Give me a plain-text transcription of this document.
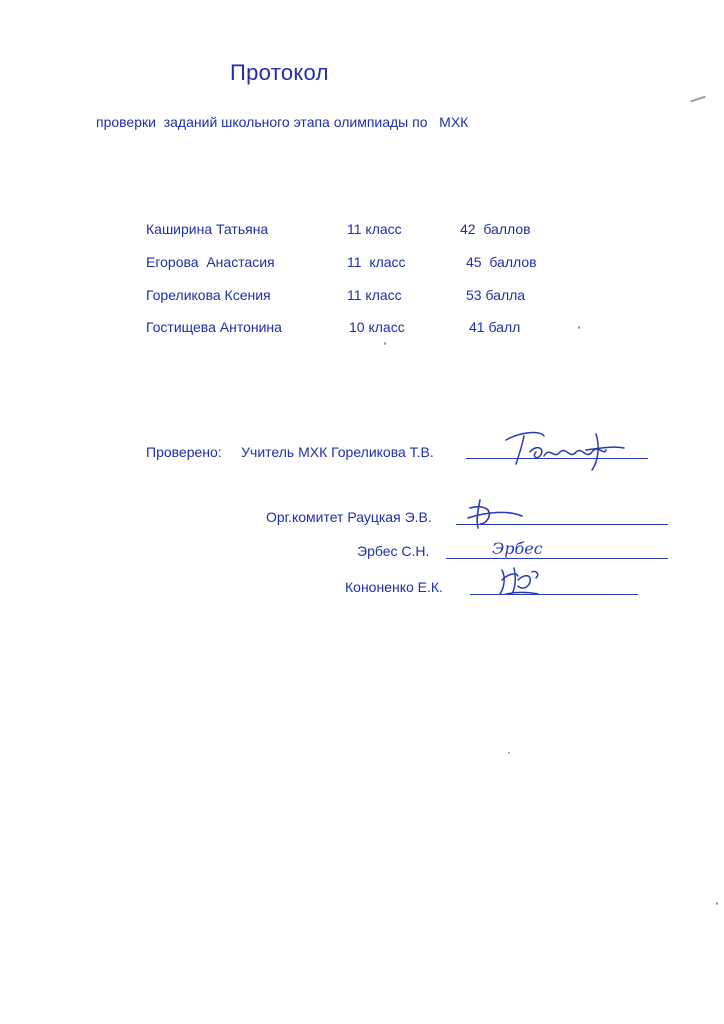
Протокол
проверки  заданий школьного этапа олимпиады по   МХК
Каширина Татьяна	11 класс	42  баллов
Егорова  Анастасия	11  класс	45  баллов
Гореликова Ксения	11 класс	53 балла
Гостищева Антонина	10 класс	41 балл
Проверено:     Учитель МХК Гореликова Т.В.
Орг.комитет Рауцкая Э.В.
Эрбес С.Н.	Эрбес
Кононенко Е.К.
